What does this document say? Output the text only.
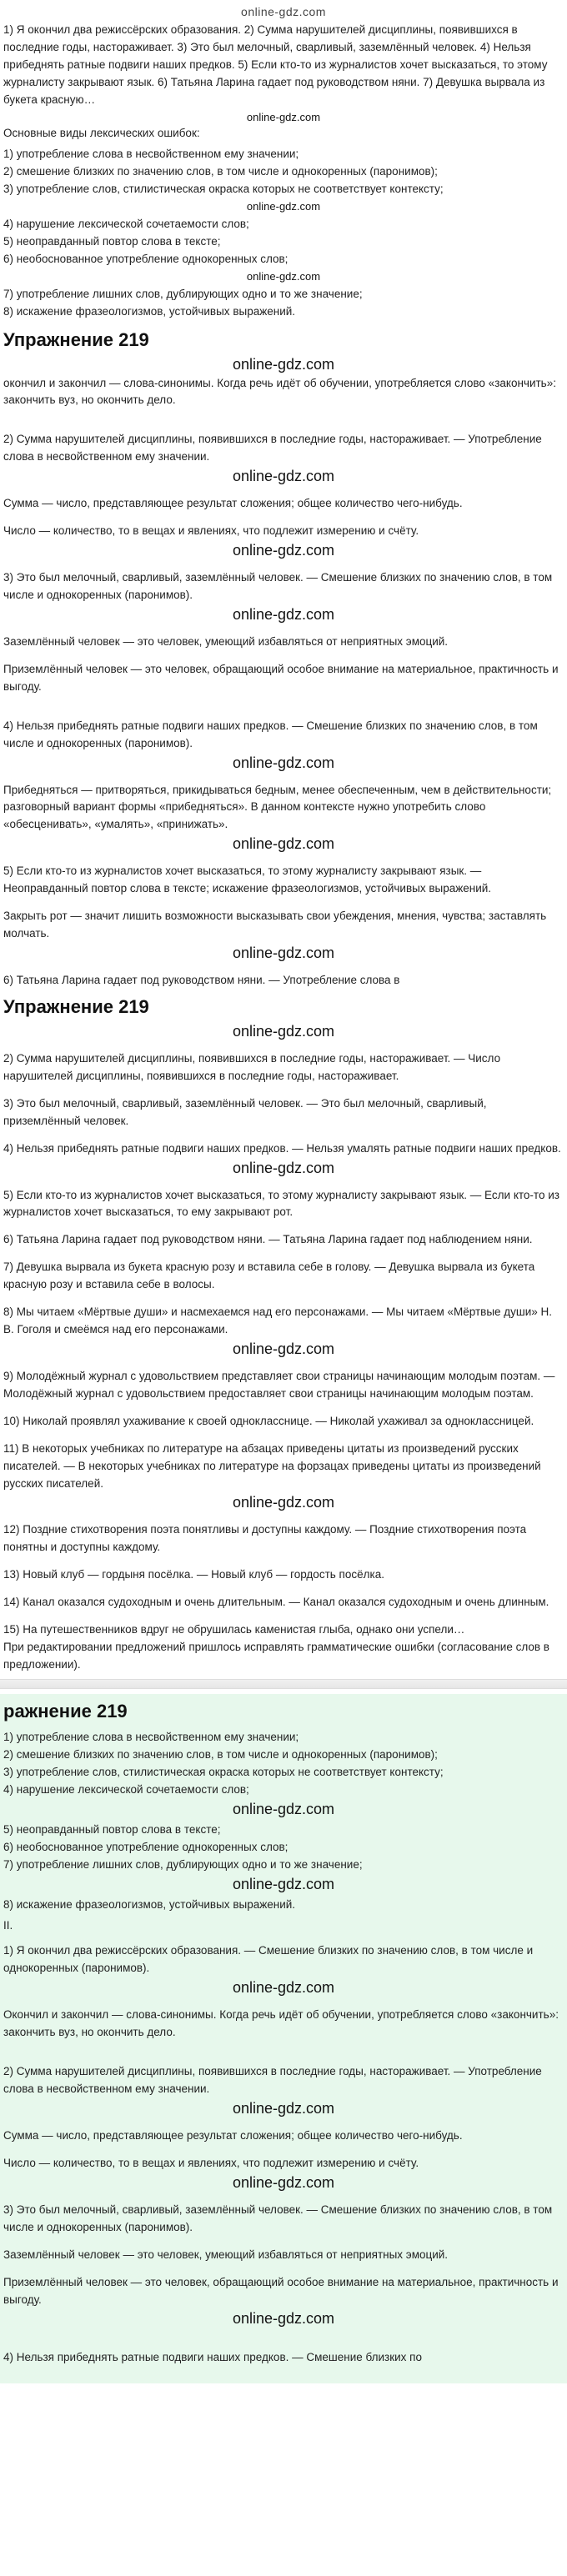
online-gdz.com

1) Я окончил два режиссёрских образования. 2) Сумма нарушителей дисциплины, появившихся в последние годы, настораживает. 3) Это был мелочный, сварливый, заземлённый человек. 4) Нельзя прибеднять ратные подвиги наших предков. 5) Если кто-то из журналистов хочет высказаться, то этому журналисту закрывают язык. 6) Татьяна Ларина гадает под руководством няни. 7) Девушка вырвала из букета красную…

online-gdz.com

Основные виды лексических ошибок:

1) употребление слова в несвойственном ему значении;

2) смешение близких по значению слов, в том числе и однокоренных (паронимов);

3) употребление слов, стилистическая окраска которых не соответствует контексту;

online-gdz.com

4) нарушение лексической сочетаемости слов;

5) неоправданный повтор слова в тексте;

6) необоснованное употребление однокоренных слов;

online-gdz.com

7) употребление лишних слов, дублирующих одно и то же значение;

8) искажение фразеологизмов, устойчивых выражений.

Упражнение 219
online-gdz.com

окончил и закончил — слова-синонимы. Когда речь идёт об обучении, употребляется слово «закончить»: закончить вуз, но окончить дело.

2) Сумма нарушителей дисциплины, появившихся в последние годы, настораживает. — Употребление слова в несвойственном ему значении.

online-gdz.com

Сумма — число, представляющее результат сложения; общее количество чего-нибудь.

Число — количество, то в вещах и явлениях, что подлежит измерению и счёту.

online-gdz.com

3) Это был мелочный, сварливый, заземлённый человек. — Смешение близких по значению слов, в том числе и однокоренных (паронимов).

online-gdz.com

Заземлённый человек — это человек, умеющий избавляться от неприятных эмоций.

Приземлённый человек — это человек, обращающий особое внимание на материальное, практичность и выгоду.

4) Нельзя прибеднять ратные подвиги наших предков. — Смешение близких по значению слов, в том числе и однокоренных (паронимов).

online-gdz.com

Прибедняться — притворяться, прикидываться бедным, менее обеспеченным, чем в действительности; разговорный вариант формы «прибедняться». В данном контексте нужно употребить слово «обесценивать», «умалять», «принижать».

online-gdz.com

5) Если кто-то из журналистов хочет высказаться, то этому журналисту закрывают язык. — Неоправданный повтор слова в тексте; искажение фразеологизмов, устойчивых выражений.

Закрыть рот — значит лишить возможности высказывать свои убеждения, мнения, чувства; заставлять молчать.

online-gdz.com

6) Татьяна Ларина гадает под руководством няни. — Употребление слова в

Упражнение 219
online-gdz.com

2) Сумма нарушителей дисциплины, появившихся в последние годы, настораживает. — Число нарушителей дисциплины, появившихся в последние годы, настораживает.

3) Это был мелочный, сварливый, заземлённый человек. — Это был мелочный, сварливый, приземлённый человек.

4) Нельзя прибеднять ратные подвиги наших предков. — Нельзя умалять ратные подвиги наших предков.

online-gdz.com

5) Если кто-то из журналистов хочет высказаться, то этому журналисту закрывают язык. — Если кто-то из журналистов хочет высказаться, то ему закрывают рот.

6) Татьяна Ларина гадает под руководством няни. — Татьяна Ларина гадает под наблюдением няни.

7) Девушка вырвала из букета красную розу и вставила себе в голову. — Девушка вырвала из букета красную розу и вставила себе в волосы.

8) Мы читаем «Мёртвые души» и насмехаемся над его персонажами. — Мы читаем «Мёртвые души» Н. В. Гоголя и смеёмся над его персонажами.

online-gdz.com

9) Молодёжный журнал с удовольствием представляет свои страницы начинающим молодым поэтам. — Молодёжный журнал с удовольствием предоставляет свои страницы начинающим молодым поэтам.

10) Николай проявлял ухаживание к своей однокласснице. — Николай ухаживал за одноклассницей.

11) В некоторых учебниках по литературе на абзацах приведены цитаты из произведений русских писателей. — В некоторых учебниках по литературе на форзацах приведены цитаты из произведений русских писателей.

online-gdz.com

12) Поздние стихотворения поэта понятливы и доступны каждому. — Поздние стихотворения поэта понятны и доступны каждому.

13) Новый клуб — гордыня посёлка. — Новый клуб — гордость посёлка.

14) Канал оказался судоходным и очень длительным. — Канал оказался судоходным и очень длинным.

15) На путешественников вдруг не обрушилась каменистая глыба, однако они успели…

При редактировании предложений пришлось исправлять грамматические ошибки (согласование слов в предложении).

ражнение 219

1) употребление слова в несвойственном ему значении;

2) смешение близких по значению слов, в том числе и однокоренных (паронимов);

3) употребление слов, стилистическая окраска которых не соответствует контексту;

4) нарушение лексической сочетаемости слов;

online-gdz.com

5) неоправданный повтор слова в тексте;

6) необоснованное употребление однокоренных слов;

7) употребление лишних слов, дублирующих одно и то же значение;

online-gdz.com

8) искажение фразеологизмов, устойчивых выражений.

II.

1) Я окончил два режиссёрских образования. — Смешение близких по значению слов, в том числе и однокоренных (паронимов).

online-gdz.com

Окончил и закончил — слова-синонимы. Когда речь идёт об обучении, употребляется слово «закончить»: закончить вуз, но окончить дело.

2) Сумма нарушителей дисциплины, появившихся в последние годы, настораживает. — Употребление слова в несвойственном ему значении.

online-gdz.com

Сумма — число, представляющее результат сложения; общее количество чего-нибудь.

Число — количество, то в вещах и явлениях, что подлежит измерению и счёту.

online-gdz.com

3) Это был мелочный, сварливый, заземлённый человек. — Смешение близких по значению слов, в том числе и однокоренных (паронимов).

Заземлённый человек — это человек, умеющий избавляться от неприятных эмоций.

Приземлённый человек — это человек, обращающий особое внимание на материальное, практичность и выгоду.

online-gdz.com

4) Нельзя прибеднять ратные подвиги наших предков. — Смешение близких по
